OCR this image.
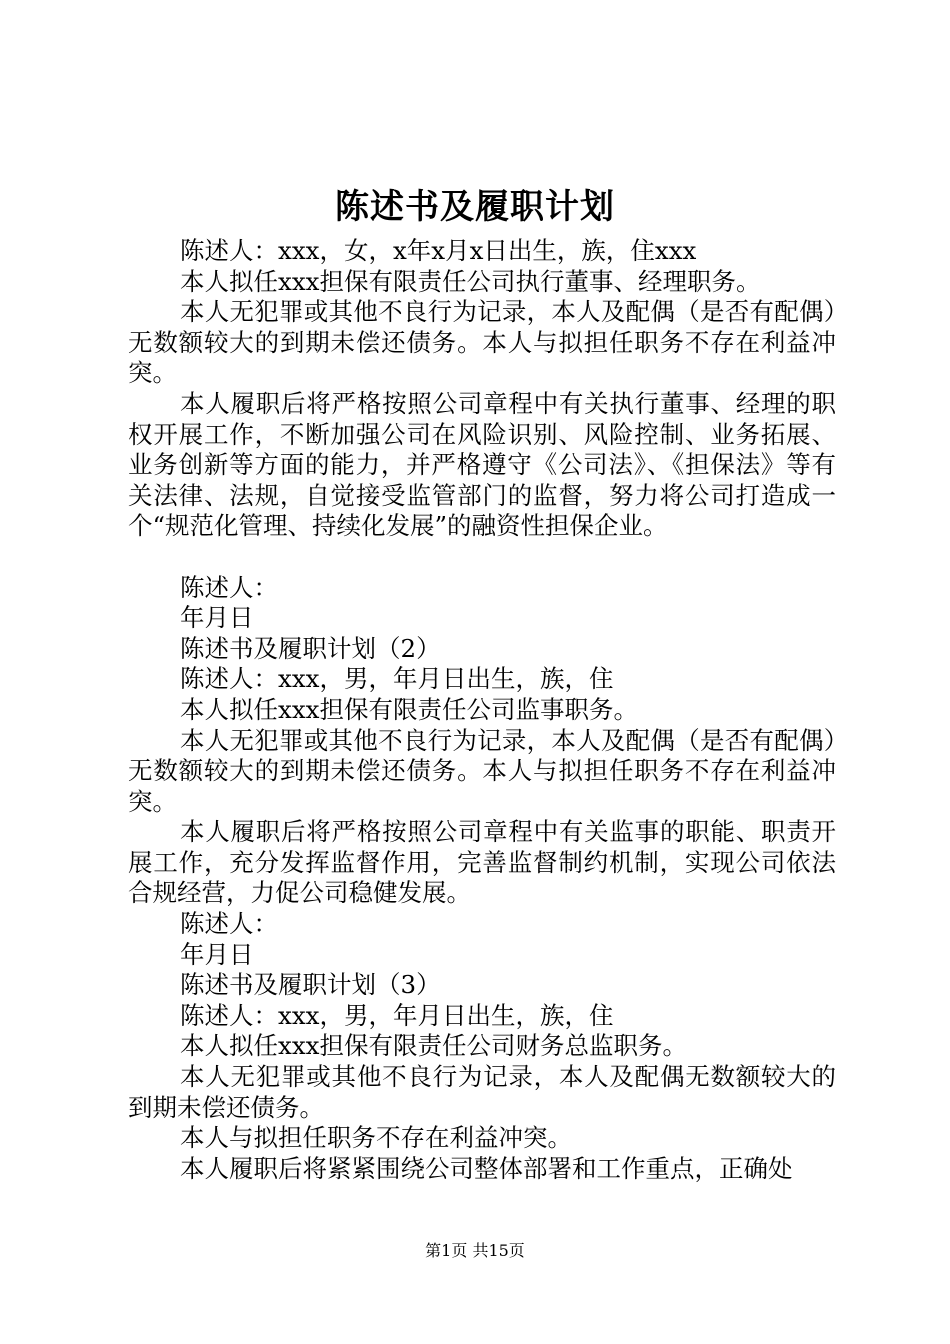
陈述书及履职计划

陈述人：xxx，女，x年x月x日出生，族，住xxx

本人拟任xxx担保有限责任公司执行董事、经理职务。

本人无犯罪或其他不良行为记录，本人及配偶（是否有配偶）无数额较大的到期未偿还债务。本人与拟担任职务不存在利益冲突。

本人履职后将严格按照公司章程中有关执行董事、经理的职权开展工作，不断加强公司在风险识别、风险控制、业务拓展、业务创新等方面的能力，并严格遵守《公司法》、《担保法》等有关法律、法规，自觉接受监管部门的监督，努力将公司打造成一个“规范化管理、持续化发展”的融资性担保企业。

陈述人：

年月日

陈述书及履职计划（2）

陈述人：xxx，男，年月日出生，族，住

本人拟任xxx担保有限责任公司监事职务。

本人无犯罪或其他不良行为记录，本人及配偶（是否有配偶）无数额较大的到期未偿还债务。本人与拟担任职务不存在利益冲突。

本人履职后将严格按照公司章程中有关监事的职能、职责开展工作，充分发挥监督作用，完善监督制约机制，实现公司依法合规经营，力促公司稳健发展。

陈述人：

年月日

陈述书及履职计划（3）

陈述人：xxx，男，年月日出生，族，住

本人拟任xxx担保有限责任公司财务总监职务。

本人无犯罪或其他不良行为记录，本人及配偶无数额较大的到期未偿还债务。

本人与拟担任职务不存在利益冲突。

本人履职后将紧紧围绕公司整体部署和工作重点，正确处

第1页 共15页
